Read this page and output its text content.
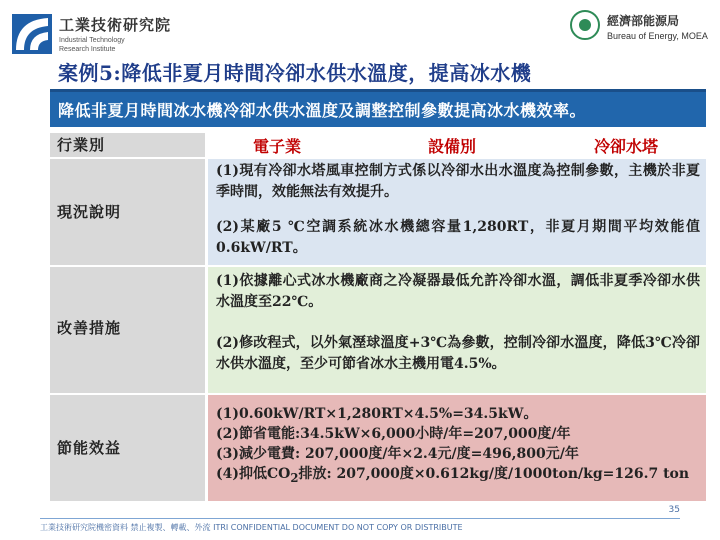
工業技術研究院
Industrial Technology
Research Institute
經濟部能源局
Bureau of Energy, MOEA
案例5:降低非夏月時間冷卻水供水溫度，提高冰水機
降低非夏月時間冰水機冷卻水供水溫度及調整控制參數提高冰水機效率。
行業別	電子業	設備別	冷卻水塔
現況說明
(1)現有冷卻水塔風車控制方式係以冷卻水出水溫度為控制參數，主機於非夏季時間，效能無法有效提升。
(2)某廠5 ℃空調系統冰水機總容量1,280RT，非夏月期間平均效能值0.6kW/RT。
改善措施
(1)依據離心式冰水機廠商之冷凝器最低允許冷卻水溫，調低非夏季冷卻水供水溫度至22℃。
(2)修改程式，以外氣溼球溫度+3℃為參數，控制冷卻水溫度，降低3℃冷卻水供水溫度，至少可節省冰水主機用電4.5%。
節能效益
(1)0.60kW/RT×1,280RT×4.5%=34.5kW。
(2)節省電能:34.5kW×6,000小時/年=207,000度/年
(3)減少電費: 207,000度/年×2.4元/度=496,800元/年
(4)抑低$CO_2$排放: 207,000度×0.612kg/度/1000ton/kg=126.7 ton
35
工業技術研究院機密資料 禁止複製、轉載、外流 ITRI CONFIDENTIAL DOCUMENT DO NOT COPY OR DISTRIBUTE
